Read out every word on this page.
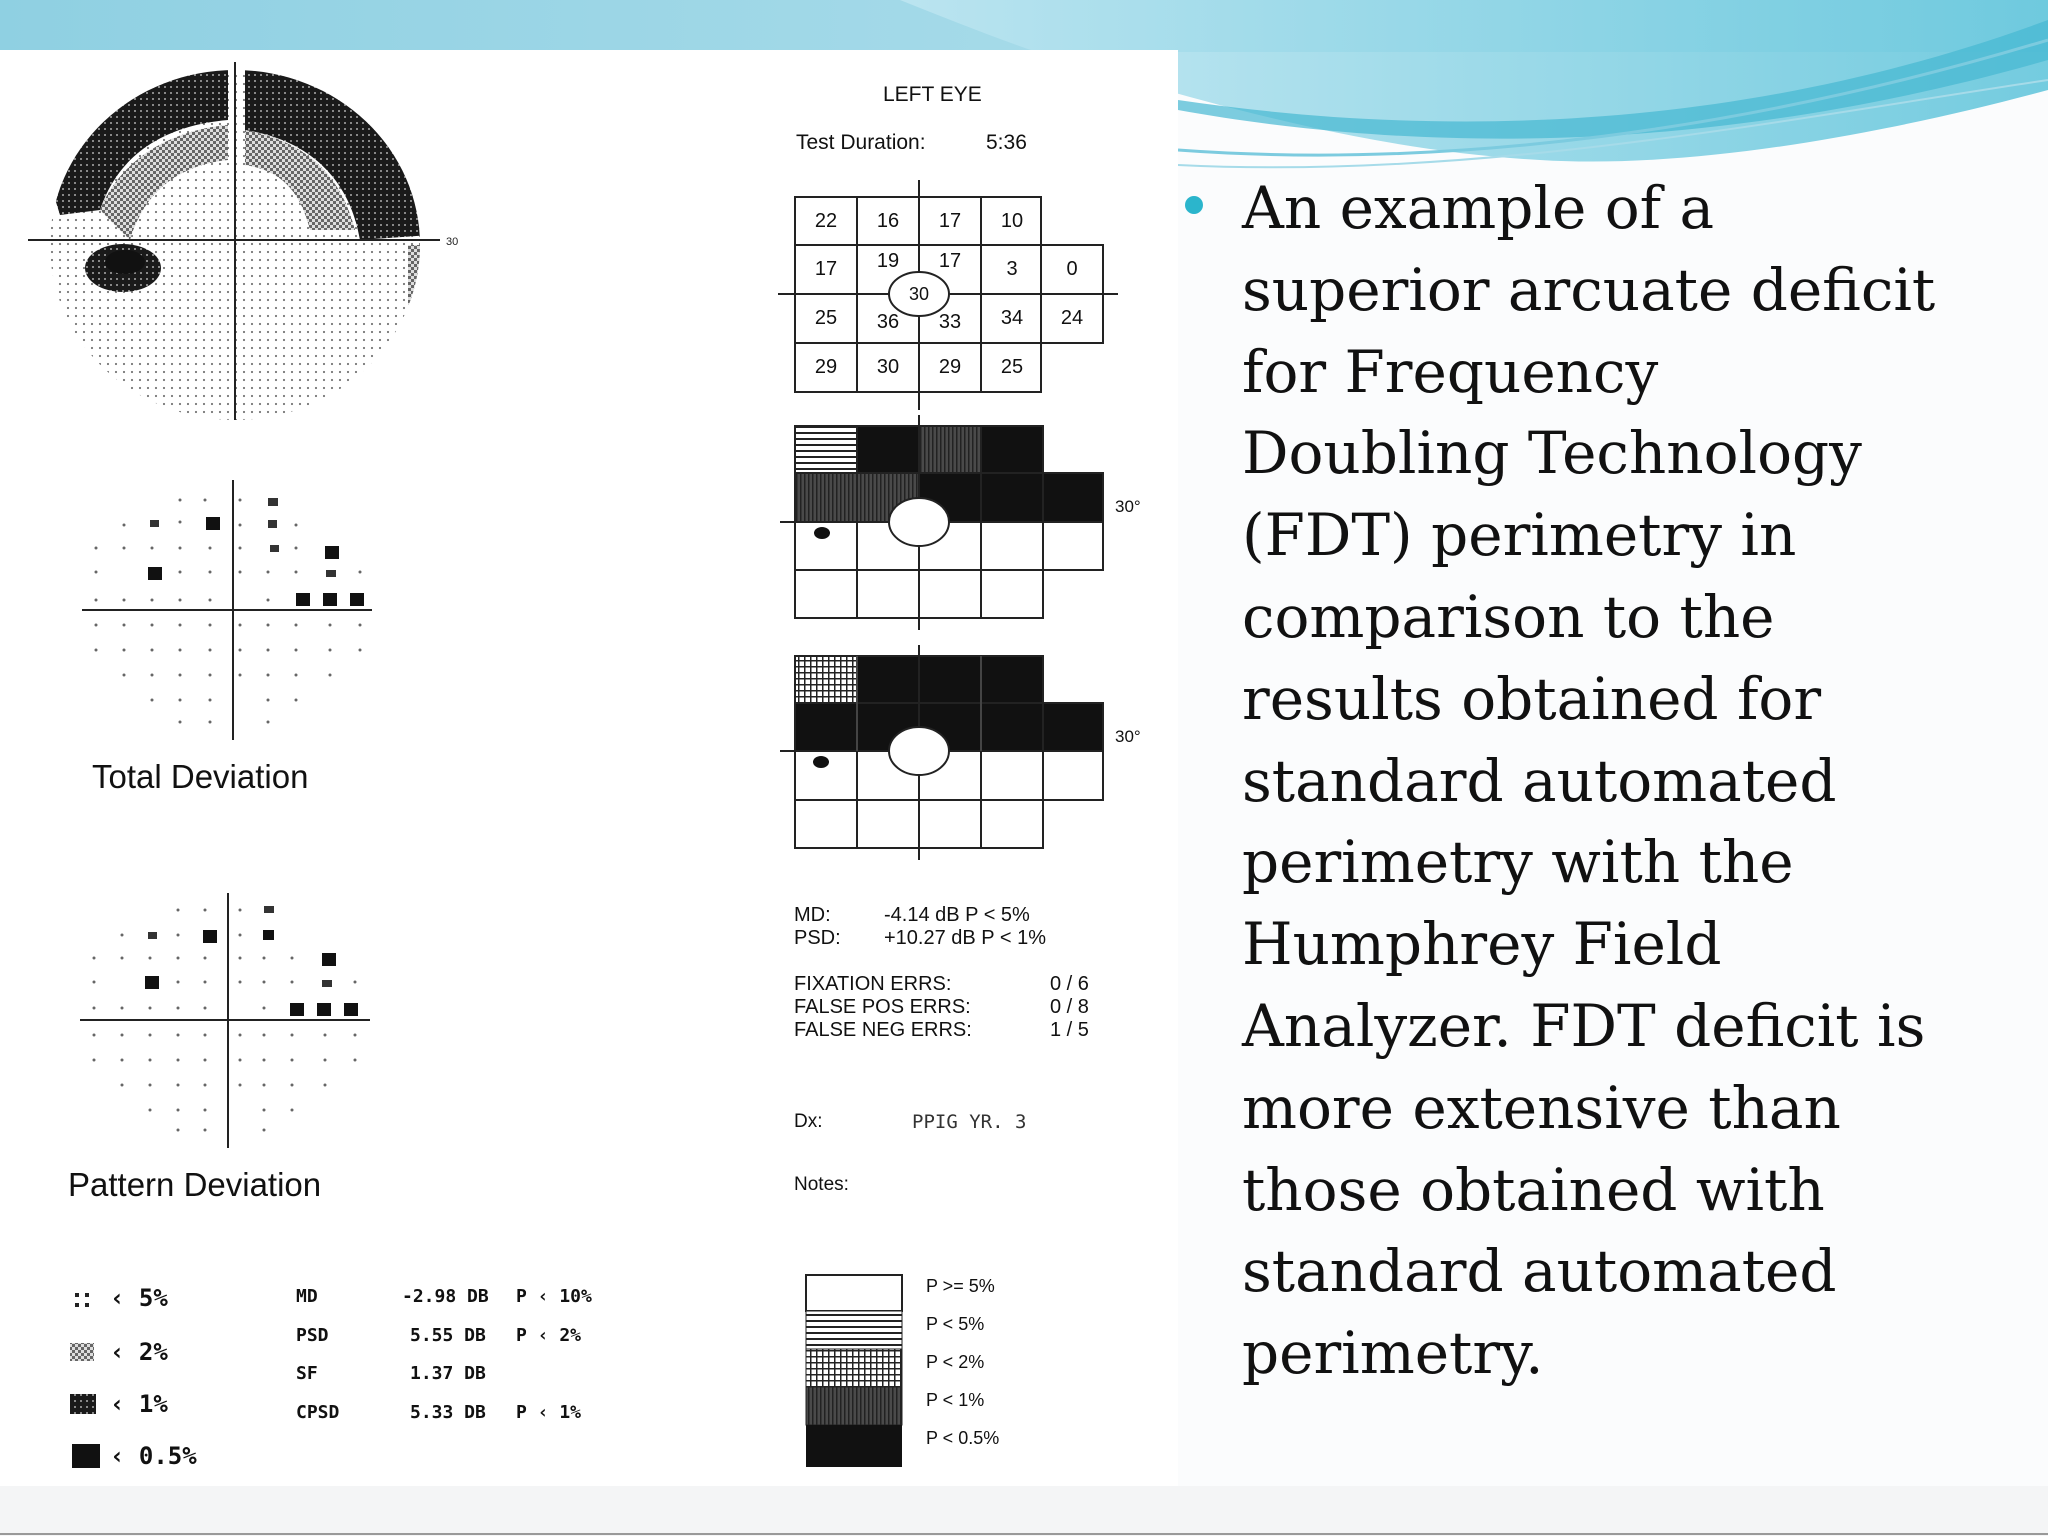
30
Total Deviation
Pattern Deviation
‹ 5%
‹ 2%
‹ 1%
‹ 0.5%
MD	-2.98 DB P ‹ 10%
PSD	5.55 DB P ‹ 2%
SF	1.37 DB
CPSD	5.33 DB P ‹ 1%
LEFT EYE
Test Duration:	5:36
22	16	17	10
17	19	17	3	0
25	36	33	34	24
29	30	29	25
30
30°
30°
MD:	-4.14 dB P < 5%
PSD: +10.27 dB P < 1%
FIXATION ERRS:	0 / 6
FALSE POS ERRS:	0 / 8
FALSE NEG ERRS:	1 / 5
Dx:	PPIG YR. 3
Notes:
P >= 5%
P < 5%
P < 2%
P < 1%
P < 0.5%

An example of a
superior arcuate deficit
for Frequency
Doubling Technology
(FDT) perimetry in
comparison to the
results obtained for
standard automated
perimetry with the
Humphrey Field
Analyzer. FDT deficit is
more extensive than
those obtained with
standard automated
perimetry.
